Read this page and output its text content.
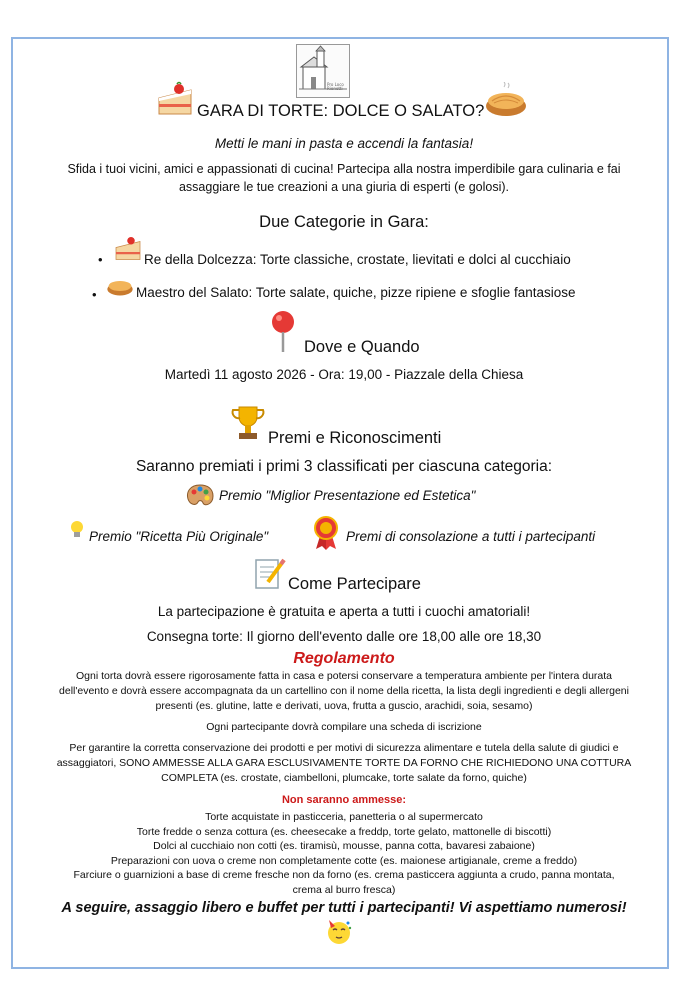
Pro Loco Rionetti
GARA DI TORTE: DOLCE O SALATO?
Metti le mani in pasta e accendi la fantasia!
Sfida i tuoi vicini, amici e appassionati di cucina! Partecipa alla nostra imperdibile gara culinaria e fai assaggiare le tue creazioni a una giuria di esperti (e golosi).
Due Categorie in Gara:
•	Re della Dolcezza: Torte classiche, crostate, lievitati e dolci al cucchiaio
•	Maestro del Salato: Torte salate, quiche, pizze ripiene e sfoglie fantasiose
Dove e Quando
Martedì 11 agosto 2026 - Ora: 19,00 - Piazzale della Chiesa
Premi e Riconoscimenti
Saranno premiati i primi 3 classificati per ciascuna categoria:
Premio "Miglior Presentazione ed Estetica"
Premio "Ricetta Più Originale"	Premi di consolazione a tutti i partecipanti
Come Partecipare
La partecipazione è gratuita e aperta a tutti i cuochi amatoriali!
Consegna torte: Il giorno dell'evento dalle ore 18,00 alle ore 18,30
Regolamento
Ogni torta dovrà essere rigorosamente fatta in casa e potersi conservare a temperatura ambiente per l'intera durata dell'evento e dovrà essere accompagnata da un cartellino con il nome della ricetta, la lista degli ingredienti e degli allergeni presenti (es. glutine, latte e derivati, uova, frutta a guscio, arachidi, soia, sesamo)
Ogni partecipante dovrà compilare una scheda di iscrizione
Per garantire la corretta conservazione dei prodotti e per motivi di sicurezza alimentare e tutela della salute di giudici e assaggiatori, SONO AMMESSE ALLA GARA ESCLUSIVAMENTE TORTE DA FORNO CHE RICHIEDONO UNA COTTURA COMPLETA (es. crostate, ciambelloni, plumcake, torte salate da forno, quiche)
Non saranno ammesse:
Torte acquistate in pasticceria, panetteria o al supermercato
Torte fredde o senza cottura (es. cheesecake a freddp, torte gelato, mattonelle di biscotti)
Dolci al cucchiaio non cotti (es. tiramisù, mousse, panna cotta, bavaresi zabaione)
Preparazioni con uova o creme non completamente cotte (es. maionese artigianale, creme a freddo)
Farciure o guarnizioni a base di creme fresche non da forno (es. crema pasticcera aggiunta a crudo, panna montata, crema al burro fresca)
A seguire, assaggio libero e buffet per tutti i partecipanti! Vi aspettiamo numerosi!
